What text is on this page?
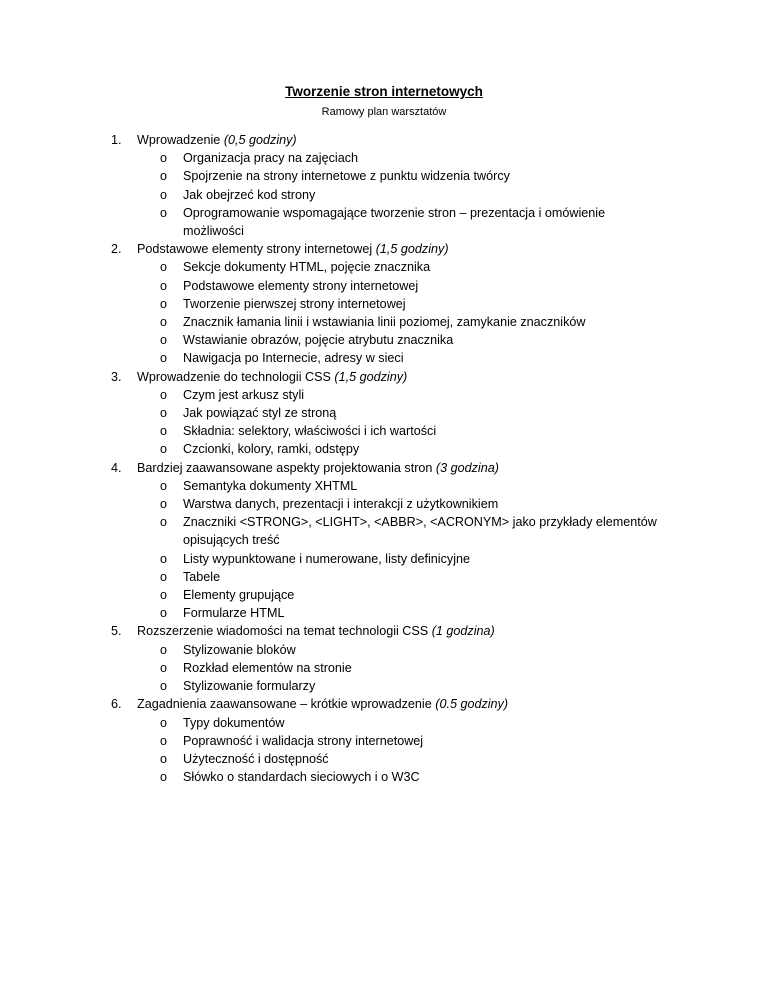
Tworzenie stron internetowych
Ramowy plan warsztatów
1.	Wprowadzenie (0,5 godziny)
o	Organizacja pracy na zajęciach
o	Spojrzenie na strony internetowe z punktu widzenia twórcy
o	Jak obejrzeć kod strony
o	Oprogramowanie wspomagające tworzenie stron – prezentacja i omówienie możliwości
2.	Podstawowe elementy strony internetowej (1,5 godziny)
o	Sekcje dokumenty HTML, pojęcie znacznika
o	Podstawowe elementy strony internetowej
o	Tworzenie pierwszej strony internetowej
o	Znacznik łamania linii i wstawiania linii poziomej, zamykanie znaczników
o	Wstawianie obrazów, pojęcie atrybutu znacznika
o	Nawigacja po Internecie, adresy w sieci
3.	Wprowadzenie do technologii CSS (1,5 godziny)
o	Czym jest arkusz styli
o	Jak powiązać styl ze stroną
o	Składnia: selektory, właściwości i ich wartości
o	Czcionki, kolory, ramki, odstępy
4.	Bardziej zaawansowane aspekty projektowania stron (3 godzina)
o	Semantyka dokumenty XHTML
o	Warstwa danych, prezentacji i interakcji z użytkownikiem
o	Znaczniki <STRONG>, <LIGHT>, <ABBR>, <ACRONYM> jako przykłady elementów opisujących treść
o	Listy wypunktowane i numerowane, listy definicyjne
o	Tabele
o	Elementy grupujące
o	Formularze HTML
5.	Rozszerzenie wiadomości na temat technologii CSS (1 godzina)
o	Stylizowanie bloków
o	Rozkład elementów na stronie
o	Stylizowanie formularzy
6.	Zagadnienia zaawansowane – krótkie wprowadzenie (0.5 godziny)
o	Typy dokumentów
o	Poprawność i walidacja strony internetowej
o	Użyteczność i dostępność
o	Słówko o standardach sieciowych i o W3C
